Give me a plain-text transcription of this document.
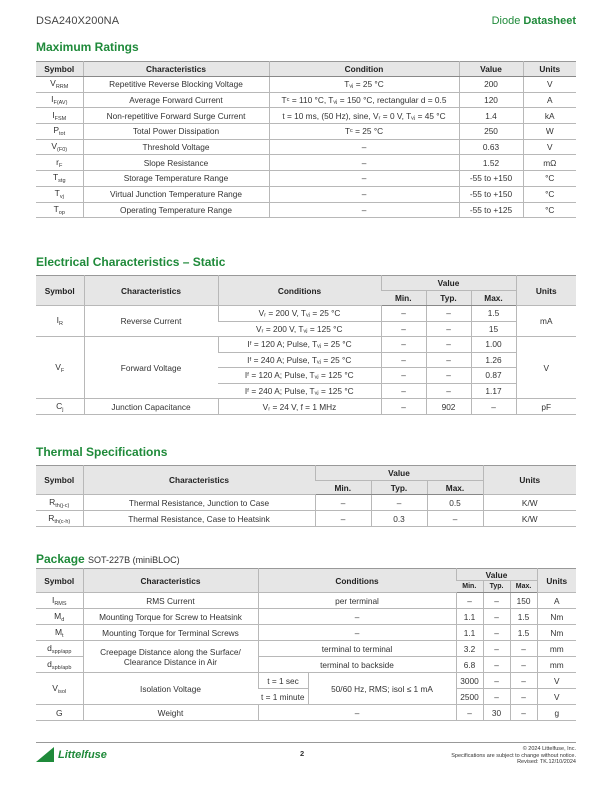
DSA240X200NA	Diode Datasheet
Maximum Ratings
Symbol	Characteristics	Condition	Value	Units
$V_{RRM}$	Repetitive Reverse Blocking Voltage	Tᵥⱼ = 25 °C	200	V
$I_{F(AV)}$	Average Forward Current	Tᶜ = 110 °C, Tᵥⱼ = 150 °C, rectangular d = 0.5	120	A
$I_{FSM}$	Non-repetitive Forward Surge Current	t = 10 ms, (50 Hz), sine, Vᵣ = 0 V, Tᵥⱼ = 45 °C	1.4	kA
$P_{tot}$	Total Power Dissipation	Tᶜ = 25 °C	250	W
$V_{(F0)}$	Threshold Voltage	–	0.63	V
$r_F$	Slope Resistance	–	1.52	mΩ
$T_{stg}$	Storage Temperature Range	–	-55 to +150	°C
$T_{vj}$	Virtual Junction Temperature Range	–	-55 to +150	°C
$T_{op}$	Operating Temperature Range	–	-55 to +125	°C
Electrical Characteristics – Static
Symbol	Characteristics	Conditions	Value			Units
			Min.	Typ.	Max.	
$I_R$	Reverse Current	Vᵣ = 200 V, Tᵥⱼ = 25 °C	–	–	1.5	mA
		Vᵣ = 200 V, Tᵥⱼ = 125 °C	–	–	15	
$V_F$	Forward Voltage	Iᶠ = 120 A; Pulse, Tᵥⱼ = 25 °C	–	–	1.00	V
		Iᶠ = 240 A; Pulse, Tᵥⱼ = 25 °C	–	–	1.26	
		Iᶠ = 120 A; Pulse, Tᵥⱼ = 125 °C	–	–	0.87	
		Iᶠ = 240 A; Pulse, Tᵥⱼ = 125 °C	–	–	1.17	
$C_j$	Junction Capacitance	Vᵣ = 24 V, f = 1 MHz	–	902	–	pF
Thermal Specifications
Symbol	Characteristics	Value			Units
		Min.	Typ.	Max.	
$R_{th(j-c)}$	Thermal Resistance, Junction to Case	–	–	0.5	K/W
$R_{th(c-h)}$	Thermal Resistance, Case to Heatsink	–	0.3	–	K/W
Package SOT-227B (miniBLOC)
Symbol	Characteristics	Conditions		Value			Units
				Min.	Typ.	Max.	
$I_{RMS}$	RMS Current	per terminal		–	–	150	A
$M_d$	Mounting Torque for Screw to Heatsink	–		1.1	–	1.5	Nm
$M_t$	Mounting Torque for Terminal Screws	–		1.1	–	1.5	Nm
$d_{spp/app}$	Creepage Distance along the Surface/ Clearance Distance in Air	terminal to terminal		3.2	–	–	mm
$d_{spb/apb}$		terminal to backside		6.8	–	–	mm
$V_{isol}$	Isolation Voltage	t = 1 sec	50/60 Hz, RMS; isol ≤ 1 mA	3000	–	–	V
		t = 1 minute		2500	–	–	V
G	Weight	–		–	30	–	g
Littelfuse	2	© 2024 Littelfuse, Inc.
Specifications are subject to change without notice.
Revised: TK.12/10/2024
